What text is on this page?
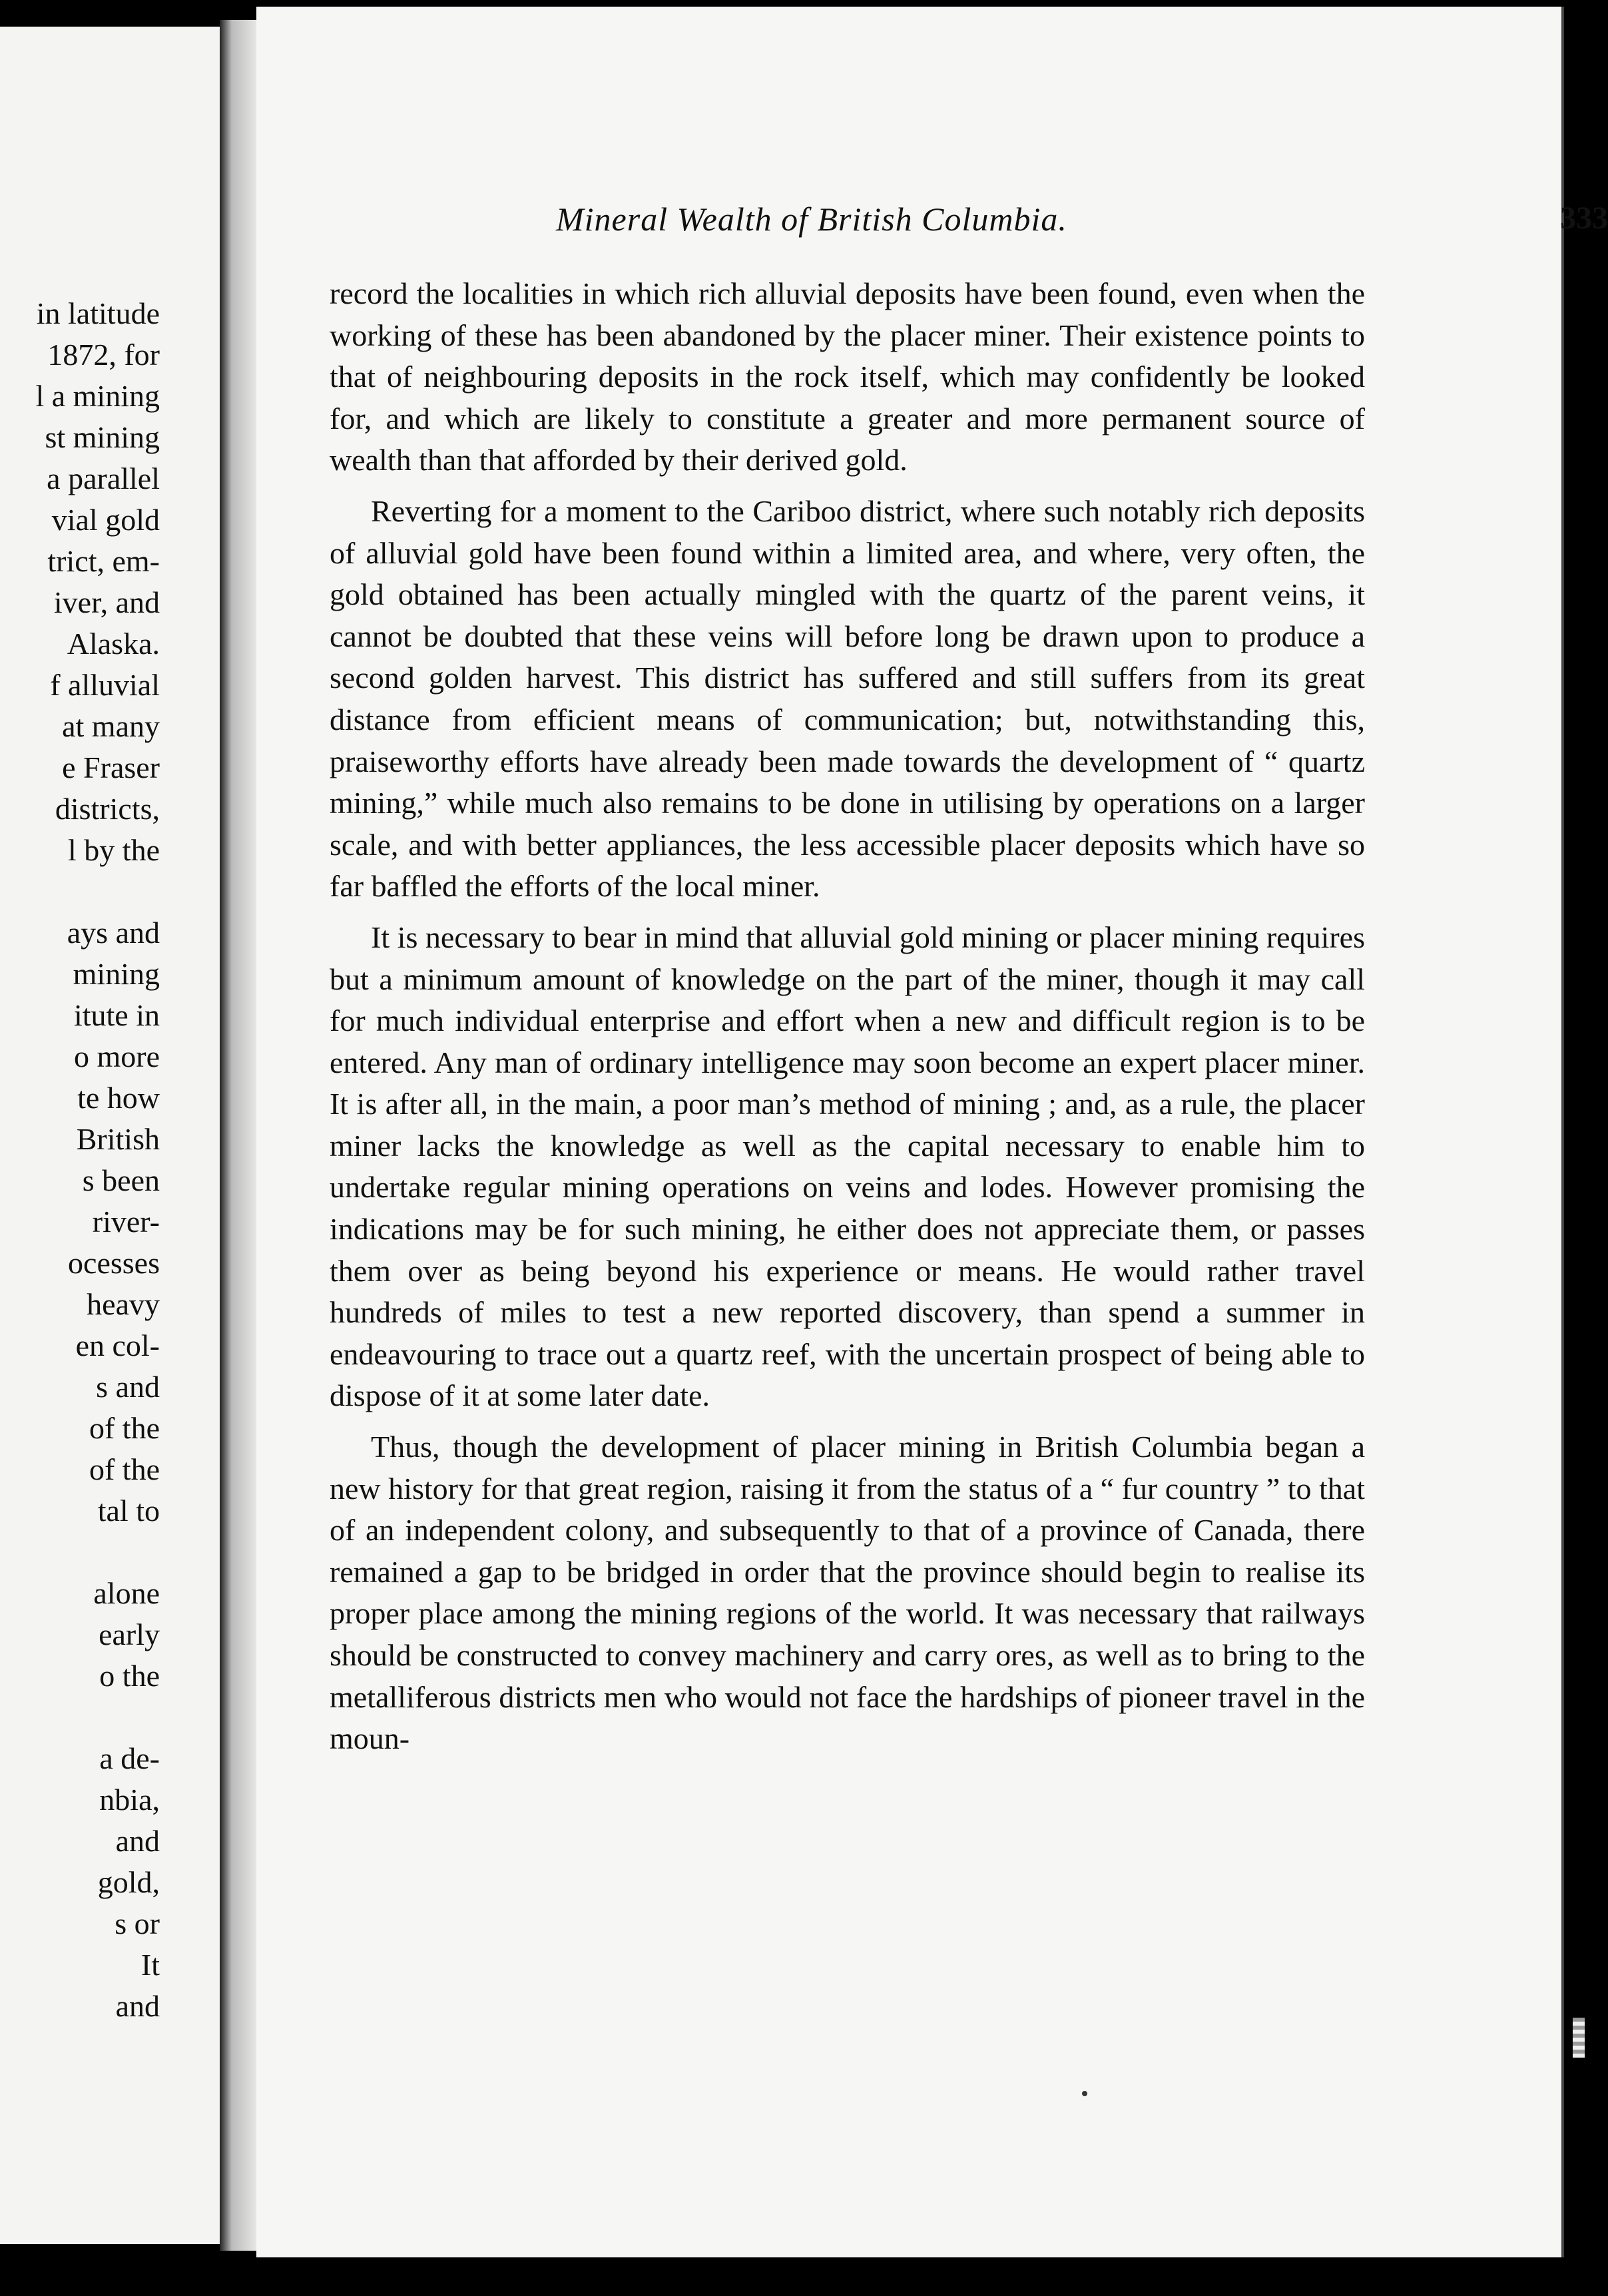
in latitude
1872, for
l a mining
st mining
a parallel
vial gold
trict, em-
iver, and
Alaska.
f alluvial
at many
e Fraser
districts,
l by the
ays and
mining
itute in
o more
te how
British
s been
river-
ocesses
heavy
en col-
s and
of the
of the
tal to
alone
early
o the
a de-
nbia,
and
gold,
s or
It
and
Mineral Wealth of British Columbia.	333

record the localities in which rich alluvial deposits have been found, even when the working of these has been abandoned by the placer miner. Their existence points to that of neighbouring deposits in the rock itself, which may confidently be looked for, and which are likely to constitute a greater and more permanent source of wealth than that afforded by their derived gold.

Reverting for a moment to the Cariboo district, where such notably rich deposits of alluvial gold have been found within a limited area, and where, very often, the gold obtained has been actually mingled with the quartz of the parent veins, it cannot be doubted that these veins will before long be drawn upon to produce a second golden harvest. This district has suffered and still suffers from its great distance from efficient means of communication; but, notwithstanding this, praiseworthy efforts have already been made towards the development of “ quartz mining,” while much also remains to be done in utilising by operations on a larger scale, and with better appliances, the less accessible placer deposits which have so far baffled the efforts of the local miner.

It is necessary to bear in mind that alluvial gold mining or placer mining requires but a minimum amount of knowledge on the part of the miner, though it may call for much individual enterprise and effort when a new and difficult region is to be entered. Any man of ordinary intelligence may soon become an expert placer miner. It is after all, in the main, a poor man’s method of mining ; and, as a rule, the placer miner lacks the knowledge as well as the capital necessary to enable him to undertake regular mining operations on veins and lodes. However promising the indications may be for such mining, he either does not appreciate them, or passes them over as being beyond his experience or means. He would rather travel hundreds of miles to test a new reported discovery, than spend a summer in endeavouring to trace out a quartz reef, with the uncertain prospect of being able to dispose of it at some later date.

Thus, though the development of placer mining in British Columbia began a new history for that great region, raising it from the status of a “ fur country ” to that of an independent colony, and subsequently to that of a province of Canada, there remained a gap to be bridged in order that the province should begin to realise its proper place among the mining regions of the world. It was necessary that railways should be constructed to convey machinery and carry ores, as well as to bring to the metalliferous districts men who would not face the hardships of pioneer travel in the moun-
